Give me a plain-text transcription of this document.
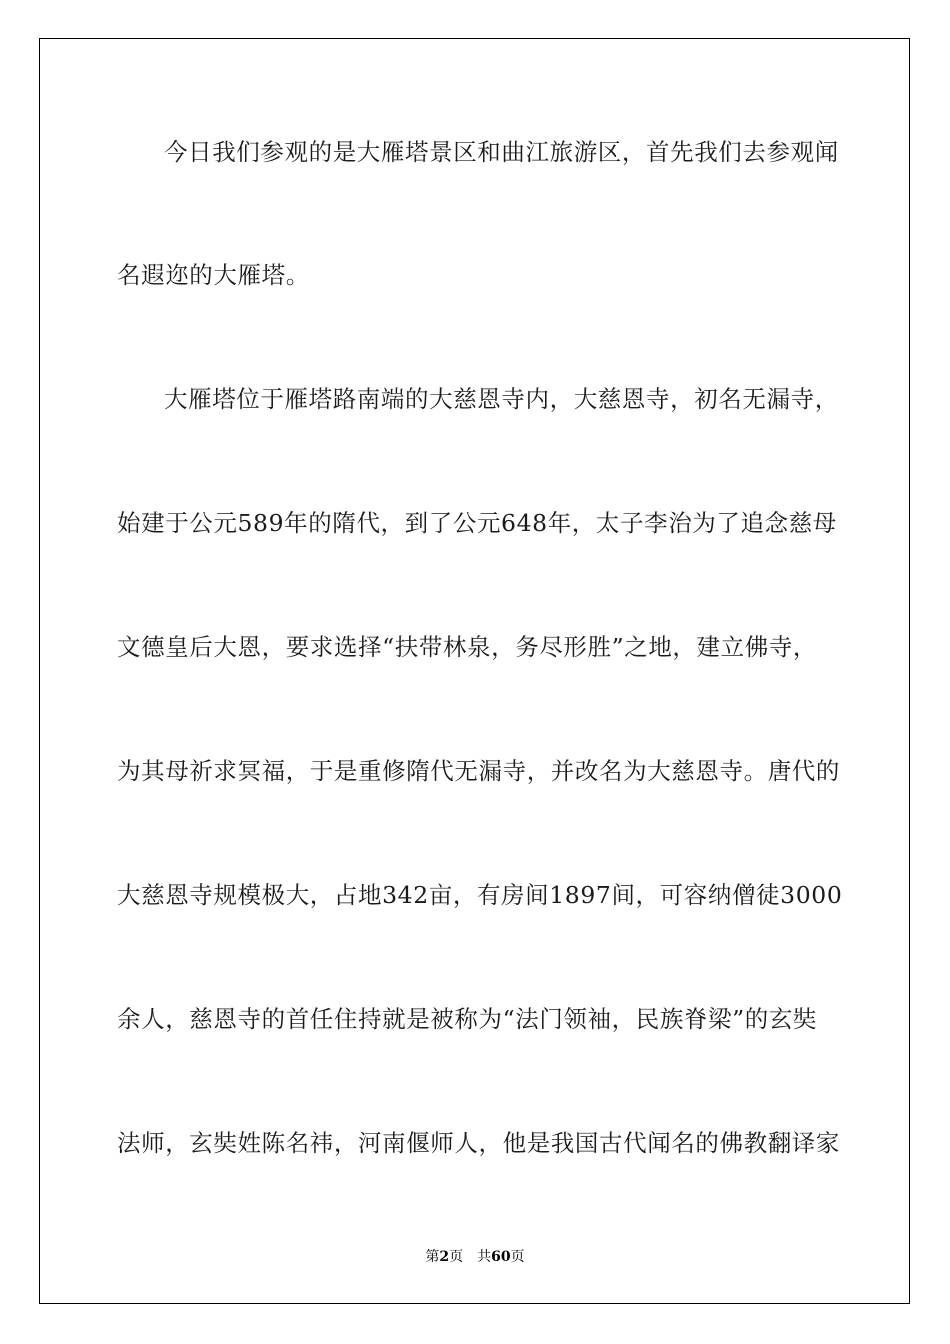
今日我们参观的是大雁塔景区和曲江旅游区，首先我们去参观闻
名遐迩的大雁塔。
大雁塔位于雁塔路南端的大慈恩寺内，大慈恩寺，初名无漏寺，
始建于公元589年的隋代，到了公元648年，太子李治为了追念慈母
文德皇后大恩，要求选择“扶带林泉，务尽形胜”之地，建立佛寺，
为其母祈求冥福，于是重修隋代无漏寺，并改名为大慈恩寺。唐代的
大慈恩寺规模极大，占地342亩，有房间1897间，可容纳僧徒3000
余人，慈恩寺的首任住持就是被称为“法门领袖，民族脊梁”的玄奘
法师，玄奘姓陈名祎，河南偃师人，他是我国古代闻名的佛教翻译家
第2页 共60页
